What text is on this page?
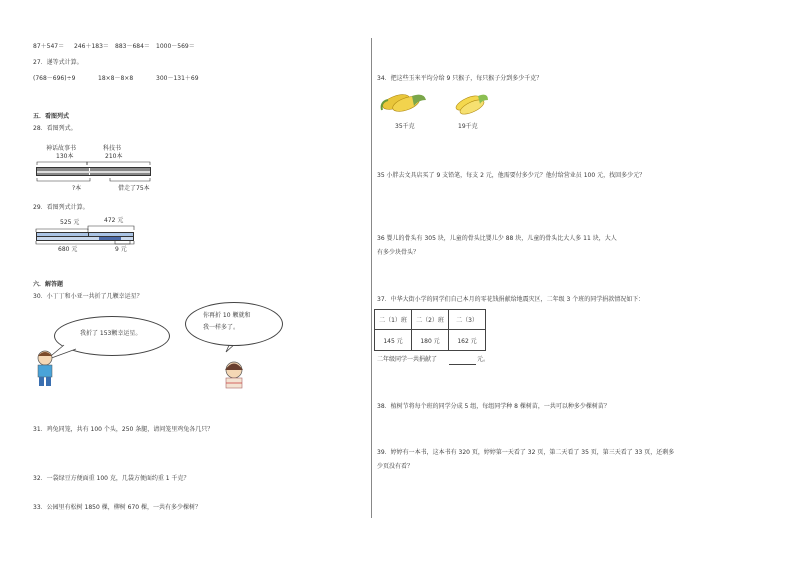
87＋547＝ 246＋183＝ 883－684＝ 1000－569＝
27．递等式计算。
(768－696)÷9	18×8－8×8	300－131＋69
五．看图列式
28．看图列式。
神话故事书
130本
科技书
210本
?本	借走了75本
29．看图列式计算。
525 元	472 元
680 元	9 元
六．解答题
30．小丁丁和小亚一共折了几颗幸运星？
我折了 153颗幸运星。
你再折 10 颗就和
我一样多了。
31．鸡兔同笼，共有 100 个头，250 条腿，请问笼里鸡兔各几只？
32．一袋绿豆方便面重 100 克，几袋方便面约重 1 千克？
33．公园里有松树 1850 棵，柳树 670 棵，一共有多少棵树？
34．把这些玉米平均分给 9 只猴子，每只猴子分到多少千克？
35千克	19千克
35 小胖去文具店买了 9 支铅笔，每支 2 元，他需要付多少元？他付给营业员 100 元，找回多少元？
36 婴儿的骨头有 305 块，儿童的骨头比婴儿少 88 块，儿童的骨头比大人多 11 块，大人
有多少块骨头？
37．中华大街小学的同学们自己本月的零花钱捐献给地震灾区，二年级 3 个班的同学捐款情况如下：
二（1）班	二（2）班	二（3）
145 元	180 元	162 元
二年级同学一共捐献了	元。
38．植树节将每个班的同学分成 5 组，每组同学种 8 棵树苗，一共可以种多少棵树苗？
39．婷婷有一本书，这本书有 320 页，婷婷第一天看了 32 页，第二天看了 35 页，第三天看了 33 页，还剩多
少页没有看？
